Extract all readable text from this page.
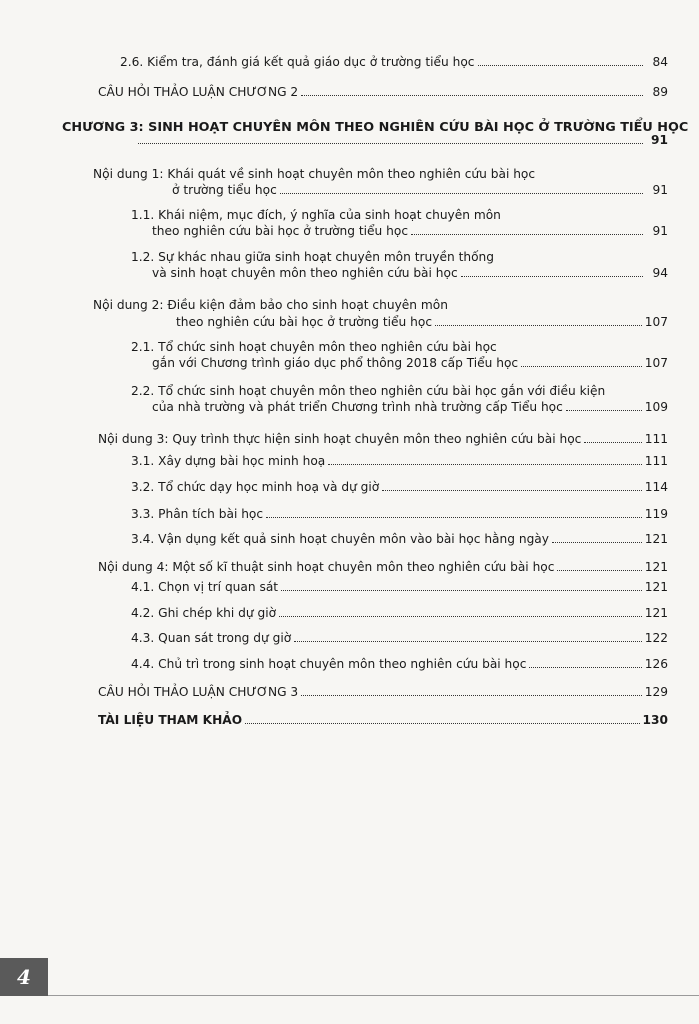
2.6. Kiểm tra, đánh giá kết quả giáo dục ở trường tiểu học	84
CÂU HỎI THẢO LUẬN CHƯƠNG 2	89
CHƯƠNG 3: SINH HOẠT CHUYÊN MÔN THEO NGHIÊN CỨU BÀI HỌC Ở TRƯỜNG TIỂU HỌC
91
Nội dung 1: Khái quát về sinh hoạt chuyên môn theo nghiên cứu bài học
ở trường tiểu học	91
1.1. Khái niệm, mục đích, ý nghĩa của sinh hoạt chuyên môn
theo nghiên cứu bài học ở trường tiểu học	91
1.2. Sự khác nhau giữa sinh hoạt chuyên môn truyền thống
và sinh hoạt chuyên môn theo nghiên cứu bài học	94
Nội dung 2: Điều kiện đảm bảo cho sinh hoạt chuyên môn
theo nghiên cứu bài học ở trường tiểu học	107
2.1. Tổ chức sinh hoạt chuyên môn theo nghiên cứu bài học
gắn với Chương trình giáo dục phổ thông 2018 cấp Tiểu học	107
2.2. Tổ chức sinh hoạt chuyên môn theo nghiên cứu bài học gắn với điều kiện
của nhà trường và phát triển Chương trình nhà trường cấp Tiểu học	109
Nội dung 3: Quy trình thực hiện sinh hoạt chuyên môn theo nghiên cứu bài học	111
3.1. Xây dựng bài học minh hoạ	111
3.2. Tổ chức dạy học minh hoạ và dự giờ	114
3.3. Phân tích bài học	119
3.4. Vận dụng kết quả sinh hoạt chuyên môn vào bài học hằng ngày	121
Nội dung 4: Một số kĩ thuật sinh hoạt chuyên môn theo nghiên cứu bài học	121
4.1. Chọn vị trí quan sát	121
4.2. Ghi chép khi dự giờ	121
4.3. Quan sát trong dự giờ	122
4.4. Chủ trì trong sinh hoạt chuyên môn theo nghiên cứu bài học	126
CÂU HỎI THẢO LUẬN CHƯƠNG 3	129
TÀI LIỆU THAM KHẢO	130
4
